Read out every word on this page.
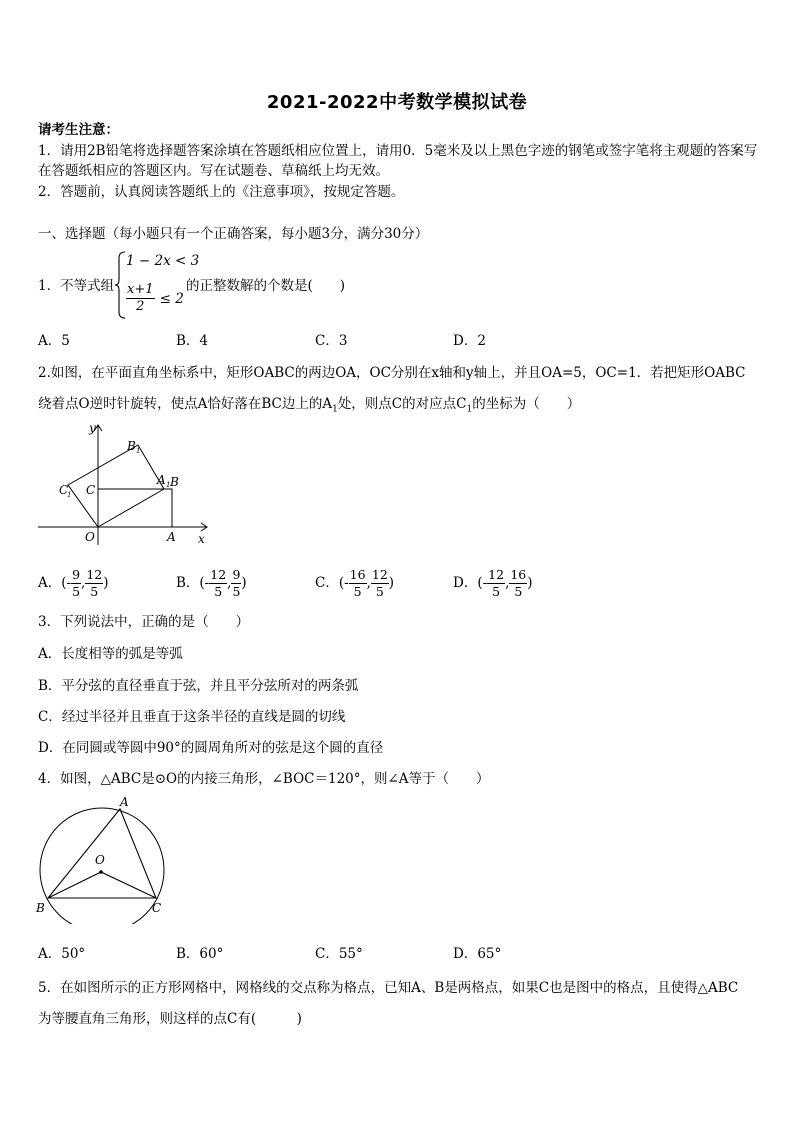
2021-2022中考数学模拟试卷
请考生注意：
1．请用2B铅笔将选择题答案涂填在答题纸相应位置上，请用0．5毫米及以上黑色字迹的钢笔或签字笔将主观题的答案写在答题纸相应的答题区内。写在试题卷、草稿纸上均无效。
2．答题前，认真阅读答题纸上的《注意事项》，按规定答题。
一、选择题（每小题只有一个正确答案，每小题3分，满分30分）
1．不等式组
1 − 2x < 3
$\frac{x+1}{2} \le 2$
的正整数解的个数是(　　)
A．5	B．4	C．3	D．2
2.如图，在平面直角坐标系中，矩形OABC的两边OA，OC分别在x轴和y轴上，并且OA=5，OC=1．若把矩形OABC
绕着点O逆时针旋转，使点A恰好落在BC边上的$A_1$处，则点C的对应点$C_1$的坐标为（　　）
y
x
O	A
B
C
A 1
B 1
C
1
A．(- $\frac{9}{5}$ , $\frac{12}{5}$ )	B．(- $\frac{12}{5}$ , $\frac{9}{5}$ )	C．(- $\frac{16}{5}$ , $\frac{12}{5}$ )	D．(- $\frac{12}{5}$ , $\frac{16}{5}$ )
3．下列说法中，正确的是（　　）
A．长度相等的弧是等弧
B．平分弦的直径垂直于弦，并且平分弦所对的两条弧
C．经过半径并且垂直于这条半径的直线是圆的切线
D．在同圆或等圆中90°的圆周角所对的弦是这个圆的直径
4．如图，△ABC是⊙O的内接三角形，∠BOC＝120°，则∠A等于（　　）
A
B	C
O
A．50°	B．60°	C．55°	D．65°
5．在如图所示的正方形网格中，网格线的交点称为格点，已知A、B是两格点，如果C也是图中的格点，且使得△ABC
为等腰直角三角形，则这样的点C有(　　　)
